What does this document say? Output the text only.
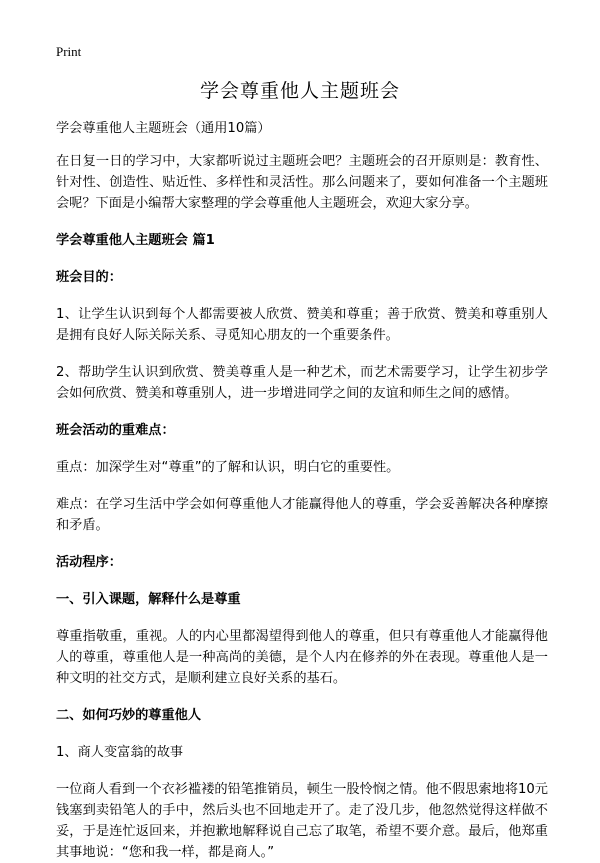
Print
学会尊重他人主题班会

学会尊重他人主题班会（通用10篇）

在日复一日的学习中，大家都听说过主题班会吧？主题班会的召开原则是：教育性、针对性、创造性、贴近性、多样性和灵活性。那么问题来了，要如何准备一个主题班会呢？下面是小编帮大家整理的学会尊重他人主题班会，欢迎大家分享。

学会尊重他人主题班会 篇1

班会目的：

1、让学生认识到每个人都需要被人欣赏、赞美和尊重；善于欣赏、赞美和尊重别人是拥有良好人际关际关系、寻觅知心朋友的一个重要条件。

2、帮助学生认识到欣赏、赞美尊重人是一种艺术，而艺术需要学习，让学生初步学会如何欣赏、赞美和尊重别人，进一步增进同学之间的友谊和师生之间的感情。

班会活动的重难点：

重点：加深学生对“尊重”的了解和认识，明白它的重要性。

难点：在学习生活中学会如何尊重他人才能赢得他人的尊重，学会妥善解决各种摩擦和矛盾。

活动程序：

一、引入课题，解释什么是尊重

尊重指敬重，重视。人的内心里都渴望得到他人的尊重，但只有尊重他人才能赢得他人的尊重，尊重他人是一种高尚的美德，是个人内在修养的外在表现。尊重他人是一种文明的社交方式，是顺利建立良好关系的基石。

二、如何巧妙的尊重他人

1、商人变富翁的故事

一位商人看到一个衣衫褴褛的铅笔推销员，顿生一股怜悯之情。他不假思索地将10元钱塞到卖铅笔人的手中，然后头也不回地走开了。走了没几步，他忽然觉得这样做不妥，于是连忙返回来，并抱歉地解释说自己忘了取笔，希望不要介意。最后，他郑重其事地说：“您和我一样，都是商人。”
